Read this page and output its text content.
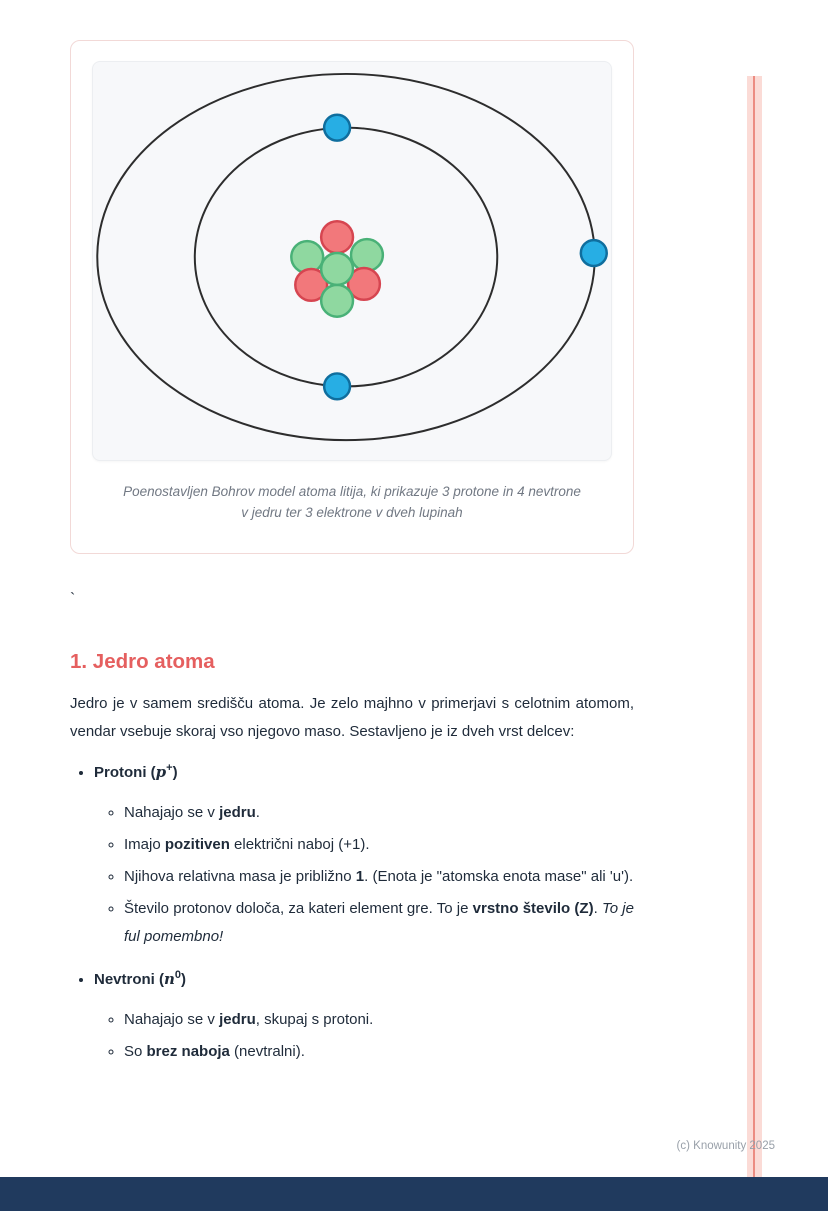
Poenostavljen Bohrov model atoma litija, ki prikazuje 3 protone in 4 nevtrone
v jedru ter 3 elektrone v dveh lupinah

`
1. Jedro atoma

Jedro je v samem središču atoma. Je zelo majhno v primerjavi s celotnim atomom, vendar vsebuje skoraj vso njegovo maso. Sestavljeno je iz dveh vrst delcev:

• Protoni (p+)
◦ Nahajajo se v jedru.
◦ Imajo pozitiven električni naboj (+1).
◦ Njihova relativna masa je približno 1. (Enota je "atomska enota mase" ali 'u').
◦ Število protonov določa, za kateri element gre. To je vrstno število (Z). To je ful pomembno!
• Nevtroni $(n^0)$
◦ Nahajajo se v jedru, skupaj s protoni.
◦ So brez naboja (nevtralni).
(c) Knowunity 2025
